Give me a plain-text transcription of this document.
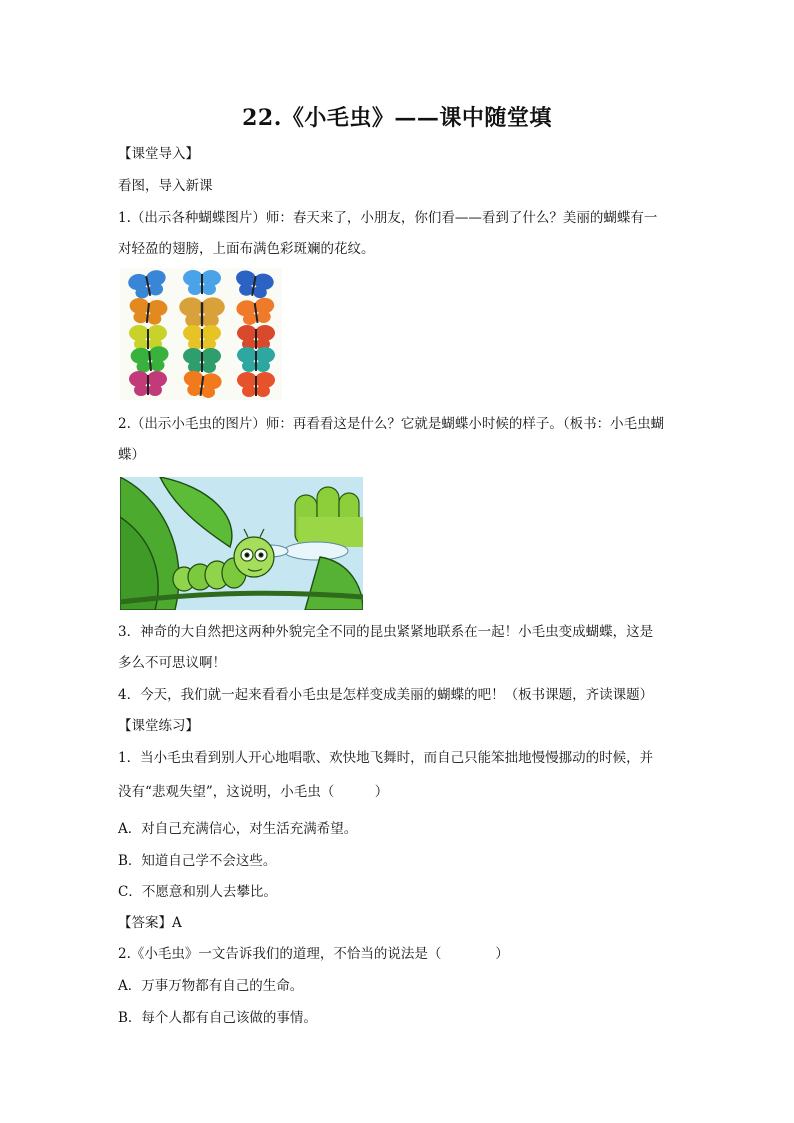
22.《小毛虫》——课中随堂填
【课堂导入】
看图，导入新课
1.（出示各种蝴蝶图片）师：春天来了，小朋友，你们看——看到了什么？美丽的蝴蝶有一
对轻盈的翅膀，上面布满色彩斑斓的花纹。
2.（出示小毛虫的图片）师：再看看这是什么？它就是蝴蝶小时候的样子。（板书：小毛虫蝴
蝶）
3．神奇的大自然把这两种外貌完全不同的昆虫紧紧地联系在一起！小毛虫变成蝴蝶，这是
多么不可思议啊！
4．今天，我们就一起来看看小毛虫是怎样变成美丽的蝴蝶的吧！（板书课题，齐读课题）
【课堂练习】
1．当小毛虫看到别人开心地唱歌、欢快地飞舞时，而自己只能笨拙地慢慢挪动的时候，并
没有“悲观失望”，这说明，小毛虫（　　　）
A．对自己充满信心，对生活充满希望。
B．知道自己学不会这些。
C．不愿意和别人去攀比。
【答案】A
2.《小毛虫》一文告诉我们的道理，不恰当的说法是（　　　　）
A．万事万物都有自己的生命。
B．每个人都有自己该做的事情。
